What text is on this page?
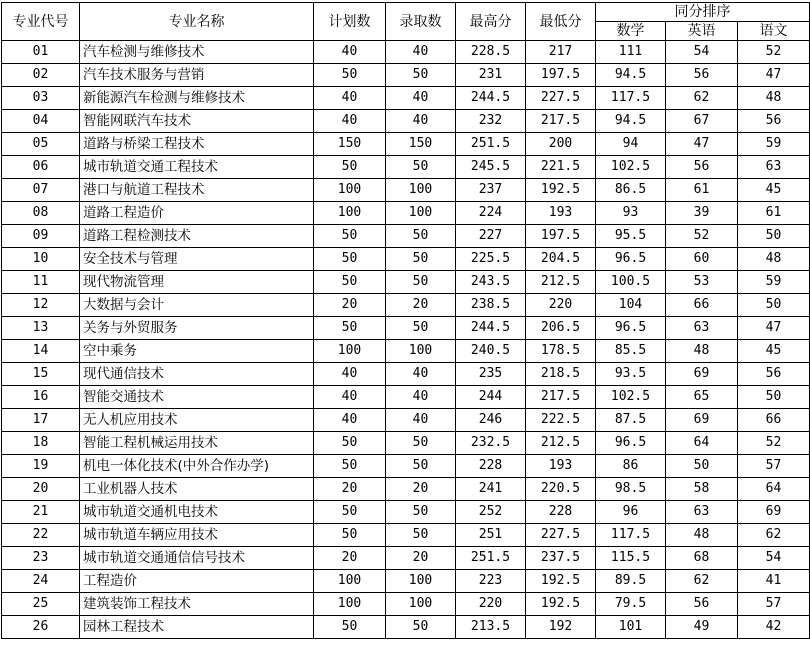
专业代号	专业名称	计划数	录取数	最高分	最低分	同分排序		
						数学	英语	语文
01	汽车检测与维修技术	40	40	228.5	217	111	54	52
02	汽车技术服务与营销	50	50	231	197.5	94.5	56	47
03	新能源汽车检测与维修技术	40	40	244.5	227.5	117.5	62	48
04	智能网联汽车技术	40	40	232	217.5	94.5	67	56
05	道路与桥梁工程技术	150	150	251.5	200	94	47	59
06	城市轨道交通工程技术	50	50	245.5	221.5	102.5	56	63
07	港口与航道工程技术	100	100	237	192.5	86.5	61	45
08	道路工程造价	100	100	224	193	93	39	61
09	道路工程检测技术	50	50	227	197.5	95.5	52	50
10	安全技术与管理	50	50	225.5	204.5	96.5	60	48
11	现代物流管理	50	50	243.5	212.5	100.5	53	59
12	大数据与会计	20	20	238.5	220	104	66	50
13	关务与外贸服务	50	50	244.5	206.5	96.5	63	47
14	空中乘务	100	100	240.5	178.5	85.5	48	45
15	现代通信技术	40	40	235	218.5	93.5	69	56
16	智能交通技术	40	40	244	217.5	102.5	65	50
17	无人机应用技术	40	40	246	222.5	87.5	69	66
18	智能工程机械运用技术	50	50	232.5	212.5	96.5	64	52
19	机电一体化技术(中外合作办学)	50	50	228	193	86	50	57
20	工业机器人技术	20	20	241	220.5	98.5	58	64
21	城市轨道交通机电技术	50	50	252	228	96	63	69
22	城市轨道车辆应用技术	50	50	251	227.5	117.5	48	62
23	城市轨道交通通信信号技术	20	20	251.5	237.5	115.5	68	54
24	工程造价	100	100	223	192.5	89.5	62	41
25	建筑装饰工程技术	100	100	220	192.5	79.5	56	57
26	园林工程技术	50	50	213.5	192	101	49	42
